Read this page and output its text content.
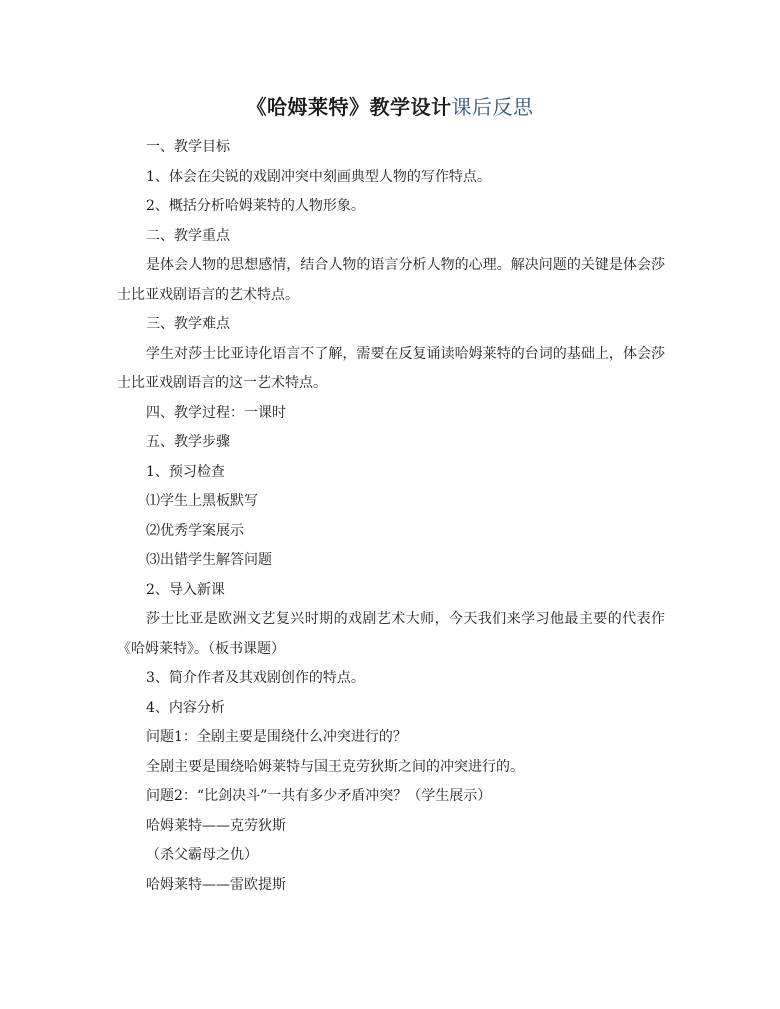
《哈姆莱特》教学设计课后反思

一、教学目标

1、体会在尖锐的戏剧冲突中刻画典型人物的写作特点。

2、概括分析哈姆莱特的人物形象。

二、教学重点

是体会人物的思想感情，结合人物的语言分析人物的心理。解决问题的关键是体会莎士比亚戏剧语言的艺术特点。

三、教学难点

学生对莎士比亚诗化语言不了解，需要在反复诵读哈姆莱特的台词的基础上，体会莎士比亚戏剧语言的这一艺术特点。

四、教学过程：一课时

五、教学步骤

1、预习检查

⑴学生上黑板默写

⑵优秀学案展示

⑶出错学生解答问题

2、导入新课

莎士比亚是欧洲文艺复兴时期的戏剧艺术大师，今天我们来学习他最主要的代表作《哈姆莱特》。（板书课题）

3、简介作者及其戏剧创作的特点。

4、内容分析

问题1：全剧主要是围绕什么冲突进行的？

全剧主要是围绕哈姆莱特与国王克劳狄斯之间的冲突进行的。

问题2：“比剑决斗”一共有多少矛盾冲突？（学生展示）

哈姆莱特——克劳狄斯

（杀父霸母之仇）

哈姆莱特——雷欧提斯
